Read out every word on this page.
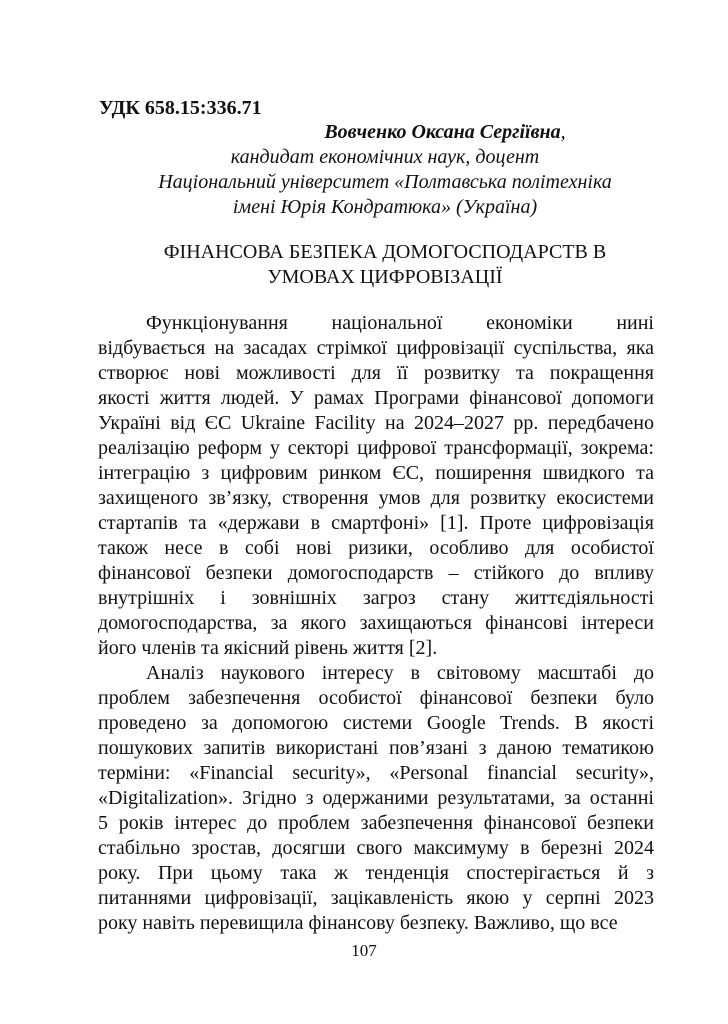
УДК 658.15:336.71
Вовченко Оксана Сергіївна,
кандидат економічних наук, доцент
Національний університет «Полтавська політехніка
імені Юрія Кондратюка» (Україна)
ФІНАНСОВА БЕЗПЕКА ДОМОГОСПОДАРСТВ В
УМОВАХ ЦИФРОВІЗАЦІЇ
Функціонування національної економіки нині
відбувається на засадах стрімкої цифровізації суспільства, яка
створює нові можливості для її розвитку та покращення
якості життя людей. У рамах Програми фінансової допомоги
Україні від ЄС Ukraine Facility на 2024–2027 рр. передбачено
реалізацію реформ у секторі цифрової трансформації, зокрема:
інтеграцію з цифровим ринком ЄС, поширення швидкого та
захищеного зв’язку, створення умов для розвитку екосистеми
стартапів та «держави в смартфоні» [1]. Проте цифровізація
також несе в собі нові ризики, особливо для особистої
фінансової безпеки домогосподарств – стійкого до впливу
внутрішніх і зовнішніх загроз стану життєдіяльності
домогосподарства, за якого захищаються фінансові інтереси
його членів та якісний рівень життя [2].
Аналіз наукового інтересу в світовому масштабі до
проблем забезпечення особистої фінансової безпеки було
проведено за допомогою системи Google Trends. В якості
пошукових запитів використані пов’язані з даною тематикою
терміни: «Financial security», «Personal financial security»,
«Digitalization». Згідно з одержаними результатами, за останні
5 років інтерес до проблем забезпечення фінансової безпеки
стабільно зростав, досягши свого максимуму в березні 2024
року. При цьому така ж тенденція спостерігається й з
питаннями цифровізації, зацікавленість якою у серпні 2023
року навіть перевищила фінансову безпеку. Важливо, що все
107
